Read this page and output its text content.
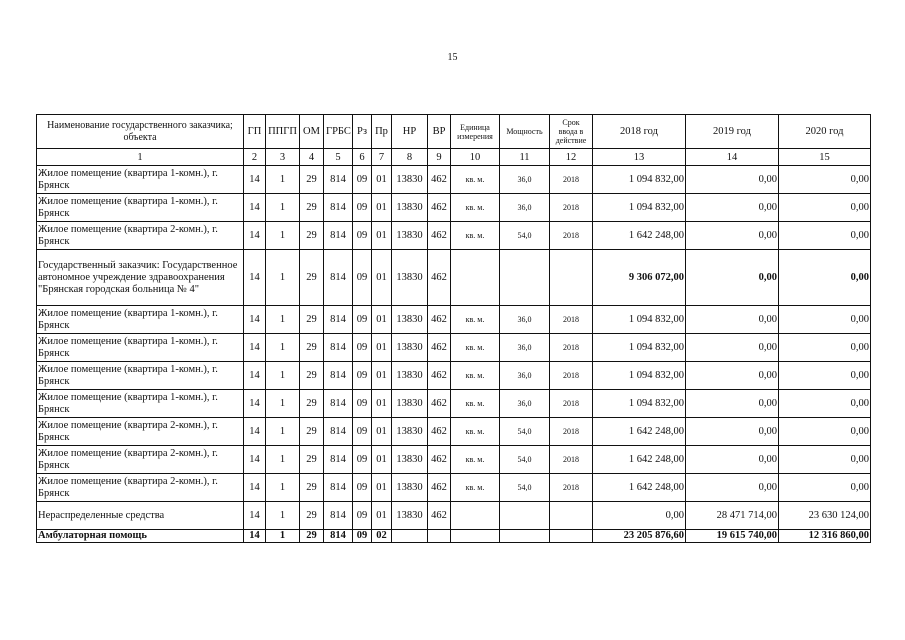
15
Наименование государственного заказчика; объекта	ГП	ППГП	ОМ	ГРБС	Рз	Пр	НР	ВР	Единица измерения	Мощность	Срок ввода в действие	2018 год	2019 год	2020 год
1	2	3	4	5	6	7	8	9	10	11	12	13	14	15
Жилое помещение (квартира 1-комн.), г. Брянск	14	1	29	814	09	01	13830	462	кв. м.	36,0	2018	1 094 832,00	0,00	0,00
Жилое помещение (квартира 1-комн.), г. Брянск	14	1	29	814	09	01	13830	462	кв. м.	36,0	2018	1 094 832,00	0,00	0,00
Жилое помещение (квартира 2-комн.), г. Брянск	14	1	29	814	09	01	13830	462	кв. м.	54,0	2018	1 642 248,00	0,00	0,00
Государственный заказчик: Государственное автономное учреждение здравоохранения "Брянская городская больница № 4"	14	1	29	814	09	01	13830	462				9 306 072,00	0,00	0,00
Жилое помещение (квартира 1-комн.), г. Брянск	14	1	29	814	09	01	13830	462	кв. м.	36,0	2018	1 094 832,00	0,00	0,00
Жилое помещение (квартира 1-комн.), г. Брянск	14	1	29	814	09	01	13830	462	кв. м.	36,0	2018	1 094 832,00	0,00	0,00
Жилое помещение (квартира 1-комн.), г. Брянск	14	1	29	814	09	01	13830	462	кв. м.	36,0	2018	1 094 832,00	0,00	0,00
Жилое помещение (квартира 1-комн.), г. Брянск	14	1	29	814	09	01	13830	462	кв. м.	36,0	2018	1 094 832,00	0,00	0,00
Жилое помещение (квартира 2-комн.), г. Брянск	14	1	29	814	09	01	13830	462	кв. м.	54,0	2018	1 642 248,00	0,00	0,00
Жилое помещение (квартира 2-комн.), г. Брянск	14	1	29	814	09	01	13830	462	кв. м.	54,0	2018	1 642 248,00	0,00	0,00
Жилое помещение (квартира 2-комн.), г. Брянск	14	1	29	814	09	01	13830	462	кв. м.	54,0	2018	1 642 248,00	0,00	0,00
Нераспределенные средства	14	1	29	814	09	01	13830	462				0,00	28 471 714,00	23 630 124,00
Амбулаторная помощь	14	1	29	814	09	02						23 205 876,60	19 615 740,00	12 316 860,00
